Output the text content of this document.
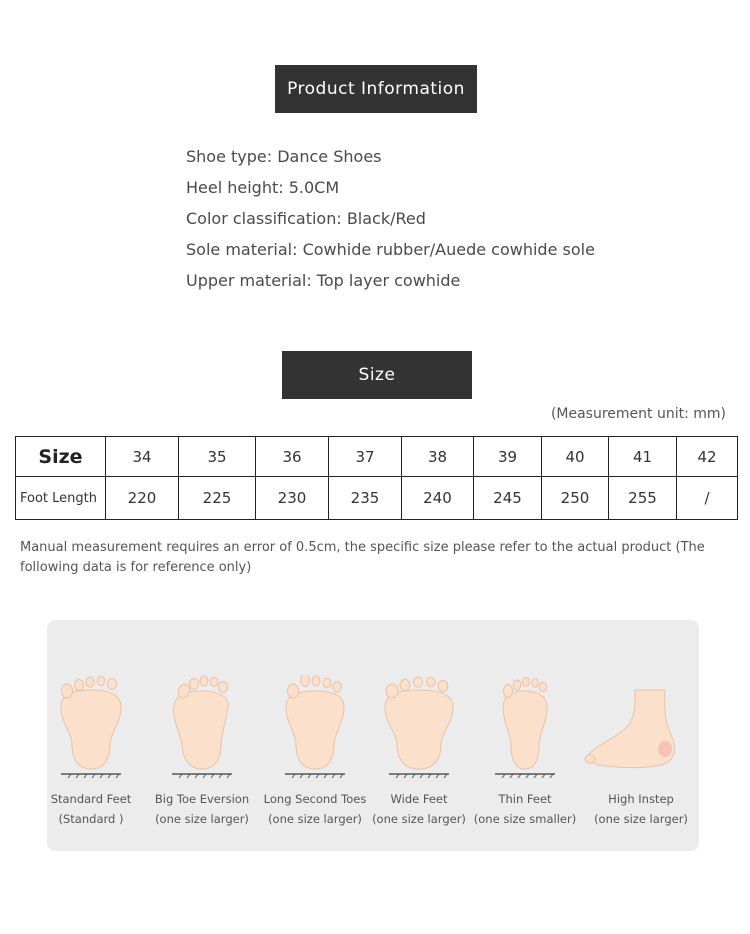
Product Information
Shoe type: Dance Shoes
Heel height: 5.0CM
Color classification: Black/Red
Sole material: Cowhide rubber/Auede cowhide sole
Upper material: Top layer cowhide
Size
(Measurement unit: mm)
Size	34	35	36	37	38	39	40	41	42
Foot Length	220	225	230	235	240	245	250	255	/
Manual measurement requires an error of 0.5cm, the specific size please refer to the actual product (The following data is for reference only)
Standard Feet
(Standard )
Big Toe Eversion
(one size larger)
Long Second Toes
(one size larger)
Wide Feet
(one size larger)
Thin Feet
(one size smaller)
High Instep
(one size larger)
